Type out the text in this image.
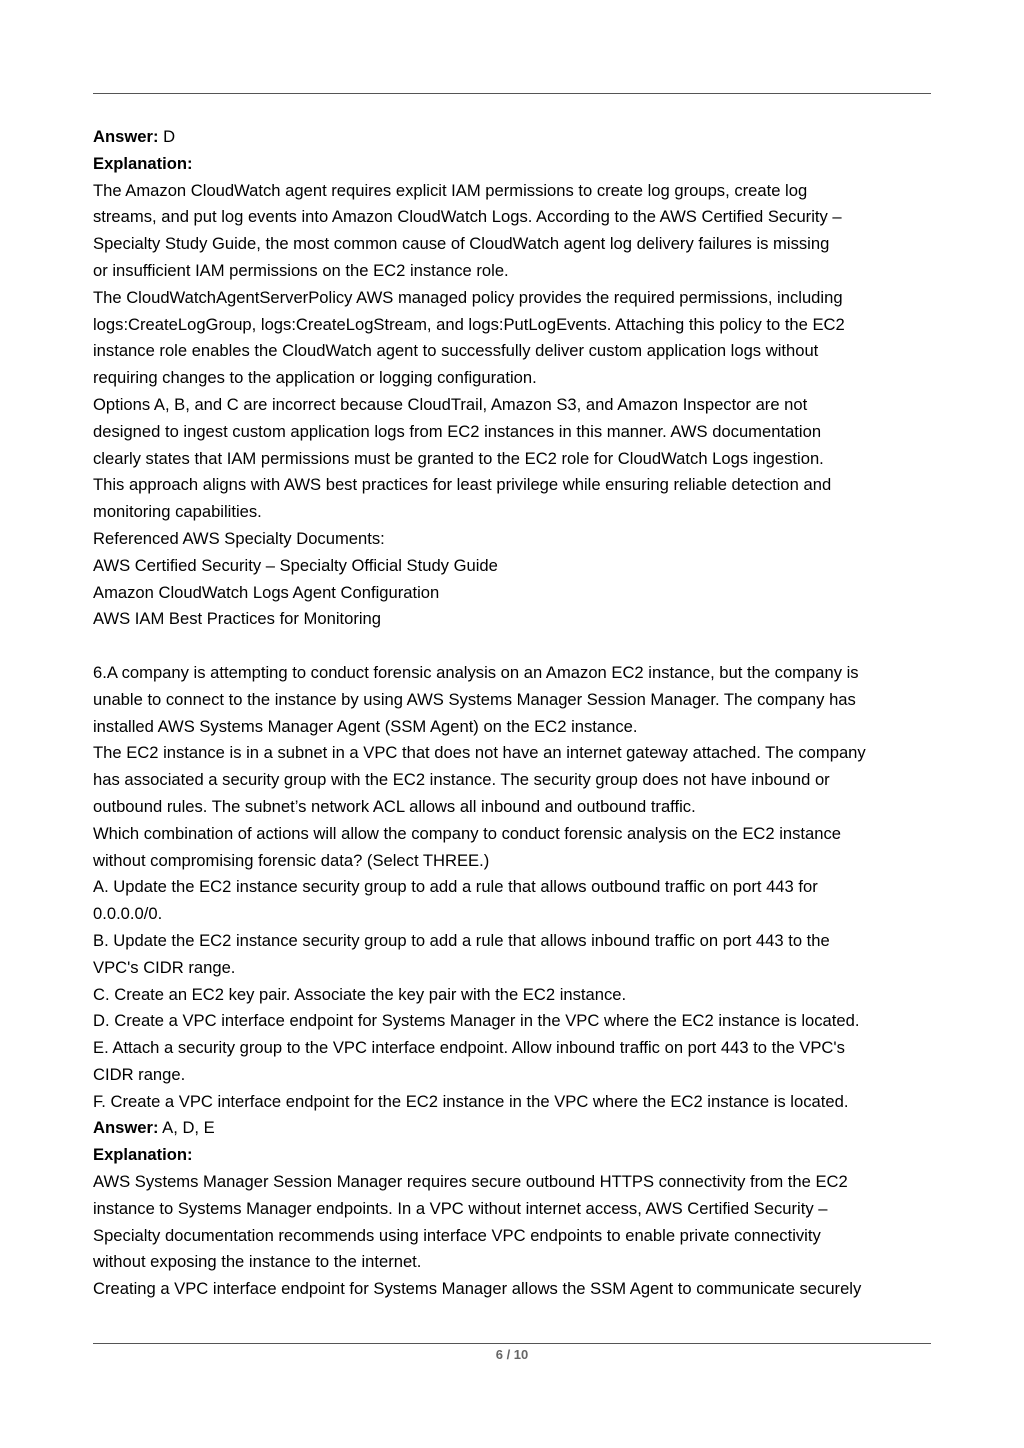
Answer: D

Explanation:

The Amazon CloudWatch agent requires explicit IAM permissions to create log groups, create log

streams, and put log events into Amazon CloudWatch Logs. According to the AWS Certified Security –

Specialty Study Guide, the most common cause of CloudWatch agent log delivery failures is missing

or insufficient IAM permissions on the EC2 instance role.

The CloudWatchAgentServerPolicy AWS managed policy provides the required permissions, including

logs:CreateLogGroup, logs:CreateLogStream, and logs:PutLogEvents. Attaching this policy to the EC2

instance role enables the CloudWatch agent to successfully deliver custom application logs without

requiring changes to the application or logging configuration.

Options A, B, and C are incorrect because CloudTrail, Amazon S3, and Amazon Inspector are not

designed to ingest custom application logs from EC2 instances in this manner. AWS documentation

clearly states that IAM permissions must be granted to the EC2 role for CloudWatch Logs ingestion.

This approach aligns with AWS best practices for least privilege while ensuring reliable detection and

monitoring capabilities.

Referenced AWS Specialty Documents:

AWS Certified Security – Specialty Official Study Guide

Amazon CloudWatch Logs Agent Configuration

AWS IAM Best Practices for Monitoring

6.A company is attempting to conduct forensic analysis on an Amazon EC2 instance, but the company is

unable to connect to the instance by using AWS Systems Manager Session Manager. The company has

installed AWS Systems Manager Agent (SSM Agent) on the EC2 instance.

The EC2 instance is in a subnet in a VPC that does not have an internet gateway attached. The company

has associated a security group with the EC2 instance. The security group does not have inbound or

outbound rules. The subnet’s network ACL allows all inbound and outbound traffic.

Which combination of actions will allow the company to conduct forensic analysis on the EC2 instance

without compromising forensic data? (Select THREE.)

A. Update the EC2 instance security group to add a rule that allows outbound traffic on port 443 for

0.0.0.0/0.

B. Update the EC2 instance security group to add a rule that allows inbound traffic on port 443 to the

VPC's CIDR range.

C. Create an EC2 key pair. Associate the key pair with the EC2 instance.

D. Create a VPC interface endpoint for Systems Manager in the VPC where the EC2 instance is located.

E. Attach a security group to the VPC interface endpoint. Allow inbound traffic on port 443 to the VPC's

CIDR range.

F. Create a VPC interface endpoint for the EC2 instance in the VPC where the EC2 instance is located.

Answer: A, D, E

Explanation:

AWS Systems Manager Session Manager requires secure outbound HTTPS connectivity from the EC2

instance to Systems Manager endpoints. In a VPC without internet access, AWS Certified Security –

Specialty documentation recommends using interface VPC endpoints to enable private connectivity

without exposing the instance to the internet.

Creating a VPC interface endpoint for Systems Manager allows the SSM Agent to communicate securely

6 / 10
